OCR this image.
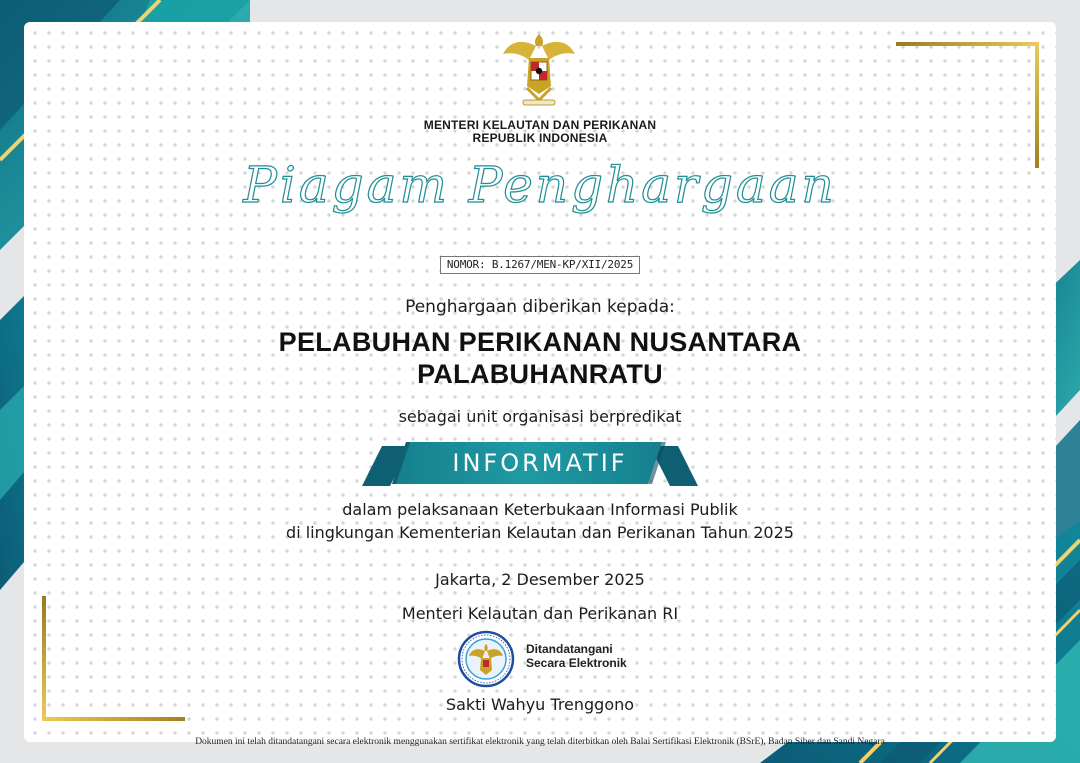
MENTERI KELAUTAN DAN PERIKANAN
REPUBLIK INDONESIA
Piagam Penghargaan
NOMOR: B.1267/MEN-KP/XII/2025
Penghargaan diberikan kepada:
PELABUHAN PERIKANAN NUSANTARA
PALABUHANRATU
sebagai unit organisasi berpredikat
INFORMATIF
dalam pelaksanaan Keterbukaan Informasi Publik
di lingkungan Kementerian Kelautan dan Perikanan Tahun 2025
Jakarta, 2 Desember 2025
Menteri Kelautan dan Perikanan RI
Ditandatangani
Secara Elektronik
Sakti Wahyu Trenggono
Dokumen ini telah ditandatangani secara elektronik menggunakan sertifikat elektronik yang telah diterbitkan oleh Balai Sertifikasi Elektronik (BSrE), Badan Siber dan Sandi Negara
